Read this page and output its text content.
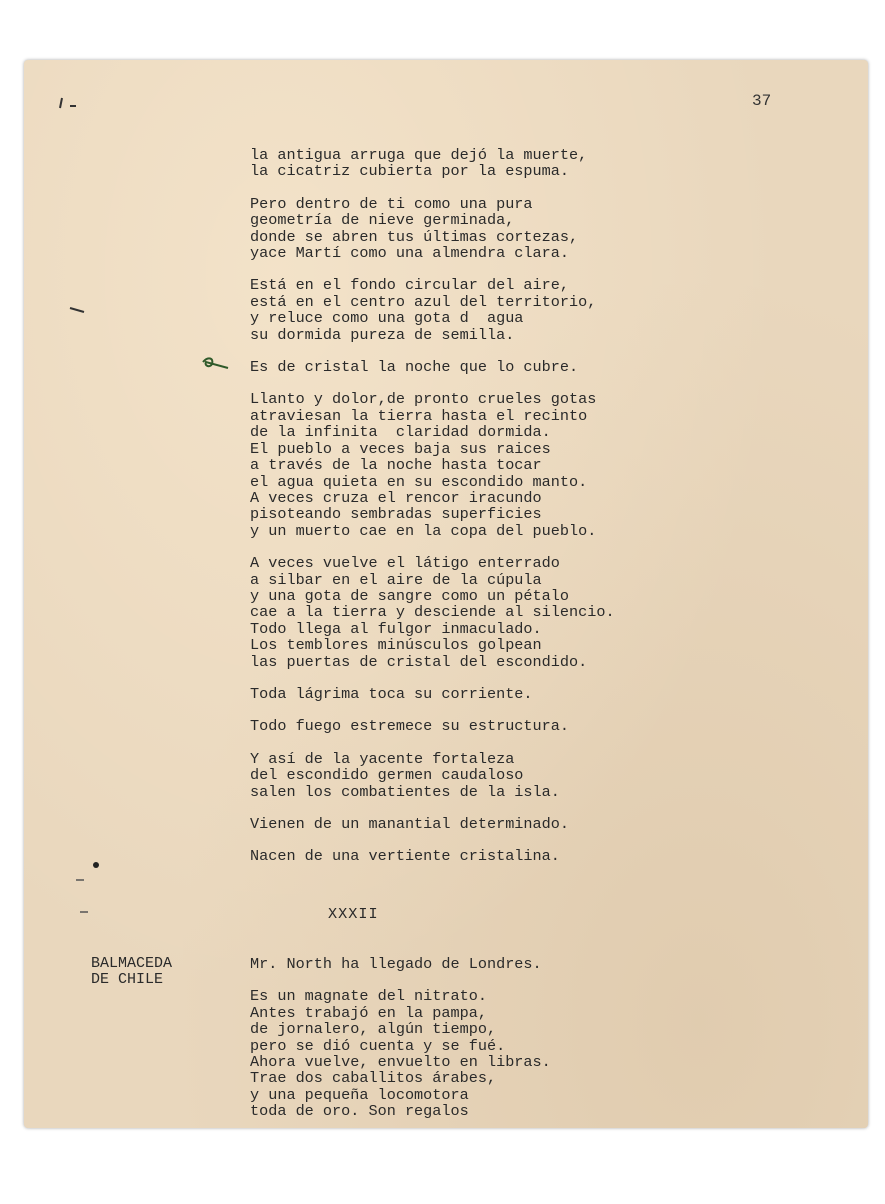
37
la antigua arruga que dejó la muerte,
la cicatriz cubierta por la espuma.
Pero dentro de ti como una pura
geometría de nieve germinada,
donde se abren tus últimas cortezas,
yace Martí como una almendra clara.
Está en el fondo circular del aire,
está en el centro azul del territorio,
y reluce como una gota d  agua
su dormida pureza de semilla.
Es de cristal la noche que lo cubre.
Llanto y dolor,de pronto crueles gotas
atraviesan la tierra hasta el recinto
de la infinita  claridad dormida.
El pueblo a veces baja sus raices
a través de la noche hasta tocar
el agua quieta en su escondido manto.
A veces cruza el rencor iracundo
pisoteando sembradas superficies
y un muerto cae en la copa del pueblo.
A veces vuelve el látigo enterrado
a silbar en el aire de la cúpula
y una gota de sangre como un pétalo
cae a la tierra y desciende al silencio.
Todo llega al fulgor inmaculado.
Los temblores minúsculos golpean
las puertas de cristal del escondido.
Toda lágrima toca su corriente.
Todo fuego estremece su estructura.
Y así de la yacente fortaleza
del escondido germen caudaloso
salen los combatientes de la isla.
Vienen de un manantial determinado.
Nacen de una vertiente cristalina.
XXXII
BALMACEDA
DE CHILE
Mr. North ha llegado de Londres.
Es un magnate del nitrato.
Antes trabajó en la pampa,
de jornalero, algún tiempo,
pero se dió cuenta y se fué.
Ahora vuelve, envuelto en libras.
Trae dos caballitos árabes,
y una pequeña locomotora
toda de oro. Son regalos
